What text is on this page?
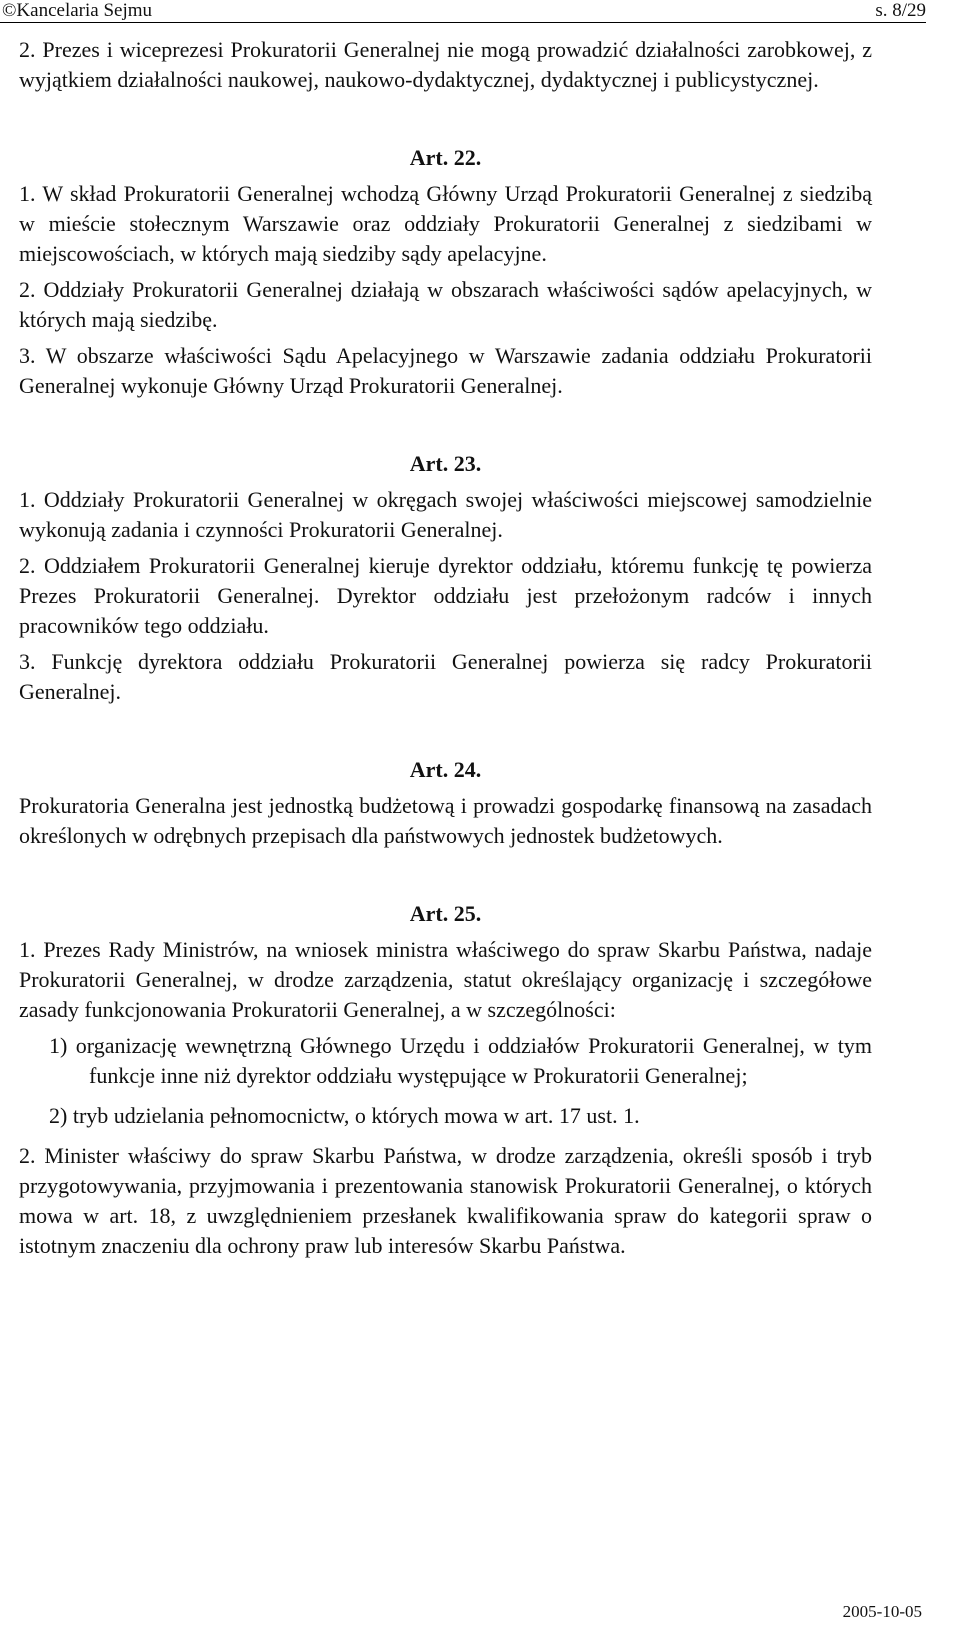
©Kancelaria Sejmu	s. 8/29

2. Prezes i wiceprezesi Prokuratorii Generalnej nie mogą prowadzić działalności zarobkowej, z wyjątkiem działalności naukowej, naukowo-dydaktycznej, dydaktycznej i publicystycznej.

Art. 22.

1. W skład Prokuratorii Generalnej wchodzą Główny Urząd Prokuratorii Generalnej z siedzibą w mieście stołecznym Warszawie oraz oddziały Prokuratorii Generalnej z siedzibami w miejscowościach, w których mają siedziby sądy apelacyjne.

2. Oddziały Prokuratorii Generalnej działają w obszarach właściwości sądów apelacyjnych, w których mają siedzibę.

3. W obszarze właściwości Sądu Apelacyjnego w Warszawie zadania oddziału Prokuratorii Generalnej wykonuje Główny Urząd Prokuratorii Generalnej.

Art. 23.

1. Oddziały Prokuratorii Generalnej w okręgach swojej właściwości miejscowej samodzielnie wykonują zadania i czynności Prokuratorii Generalnej.

2. Oddziałem Prokuratorii Generalnej kieruje dyrektor oddziału, któremu funkcję tę powierza Prezes Prokuratorii Generalnej. Dyrektor oddziału jest przełożonym radców i innych pracowników tego oddziału.

3. Funkcję dyrektora oddziału Prokuratorii Generalnej powierza się radcy Prokuratorii Generalnej.

Art. 24.

Prokuratoria Generalna jest jednostką budżetową i prowadzi gospodarkę finansową na zasadach określonych w odrębnych przepisach dla państwowych jednostek budżetowych.

Art. 25.

1. Prezes Rady Ministrów, na wniosek ministra właściwego do spraw Skarbu Państwa, nadaje Prokuratorii Generalnej, w drodze zarządzenia, statut określający organizację i szczegółowe zasady funkcjonowania Prokuratorii Generalnej, a w szczególności:

1) organizację wewnętrzną Głównego Urzędu i oddziałów Prokuratorii Generalnej, w tym funkcje inne niż dyrektor oddziału występujące w Prokuratorii Generalnej;

2) tryb udzielania pełnomocnictw, o których mowa w art. 17 ust. 1.

2. Minister właściwy do spraw Skarbu Państwa, w drodze zarządzenia, określi sposób i tryb przygotowywania, przyjmowania i prezentowania stanowisk Prokuratorii Generalnej, o których mowa w art. 18, z uwzględnieniem przesłanek kwalifikowania spraw do kategorii spraw o istotnym znaczeniu dla ochrony praw lub interesów Skarbu Państwa.

2005-10-05
